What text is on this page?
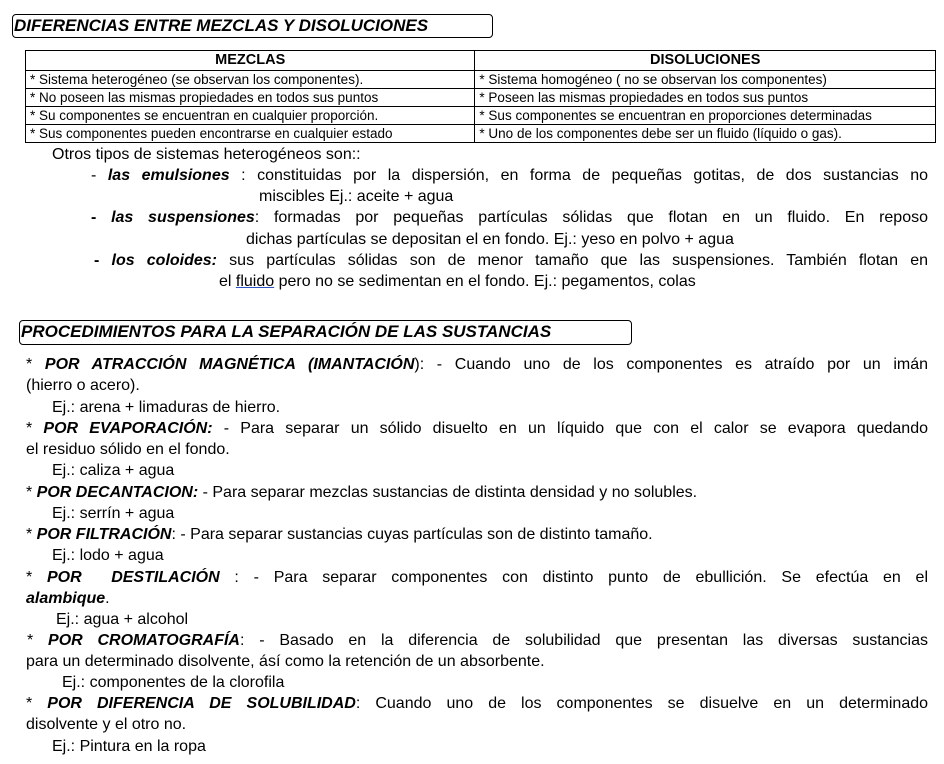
DIFERENCIAS ENTRE MEZCLAS Y DISOLUCIONES
MEZCLAS	DISOLUCIONES
* Sistema heterogéneo (se observan los componentes).	* Sistema homogéneo ( no se observan los componentes)
* No poseen las mismas propiedades en todos sus puntos	* Poseen las mismas propiedades en todos sus puntos
* Su componentes se encuentran en cualquier proporción.	* Sus componentes se encuentran en proporciones determinadas
* Sus componentes pueden encontrarse en cualquier estado	* Uno de los componentes debe ser un fluido (líquido o gas).
Otros tipos de sistemas heterogéneos son::
- las emulsiones : constituidas por la dispersión, en forma de pequeñas gotitas, de dos sustancias no
miscibles Ej.: aceite + agua
- las suspensiones: formadas por pequeñas partículas sólidas que flotan en un fluido. En reposo
dichas partículas se depositan el en fondo. Ej.: yeso en polvo + agua
- los coloides: sus partículas sólidas son de menor tamaño que las suspensiones. También flotan en
el fluido pero no se sedimentan en el fondo. Ej.: pegamentos, colas
PROCEDIMIENTOS PARA LA SEPARACIÓN DE LAS SUSTANCIAS
* POR ATRACCIÓN MAGNÉTICA (IMANTACIÓN): - Cuando uno de los componentes es atraído por un imán
(hierro o acero).
Ej.: arena + limaduras de hierro.
* POR EVAPORACIÓN: - Para separar un sólido disuelto en un líquido que con el calor se evapora quedando
el residuo sólido en el fondo.
Ej.: caliza + agua
* POR DECANTACION: - Para separar mezclas sustancias de distinta densidad y no solubles.
Ej.: serrín + agua
* POR FILTRACIÓN: - Para separar sustancias cuyas partículas son de distinto tamaño.
Ej.: lodo + agua
* POR  DESTILACIÓN : - Para separar componentes con distinto punto de ebullición. Se efectúa en el
alambique.
Ej.: agua + alcohol
* POR CROMATOGRAFÍA: - Basado en la diferencia de solubilidad que presentan las diversas sustancias
para un determinado disolvente, ásí como la retención de un absorbente.
Ej.: componentes de la clorofila
* POR DIFERENCIA DE SOLUBILIDAD: Cuando uno de los componentes se disuelve en un determinado
disolvente y el otro no.
Ej.: Pintura en la ropa
